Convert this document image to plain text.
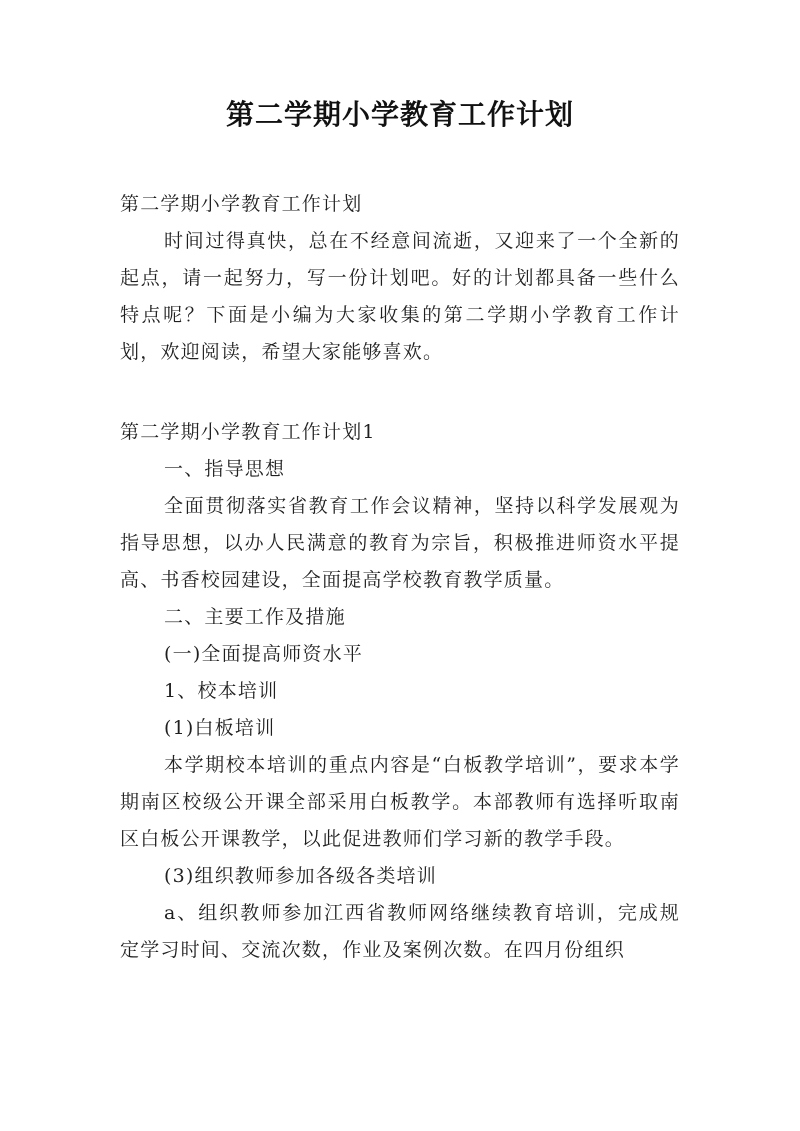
第二学期小学教育工作计划

第二学期小学教育工作计划

时间过得真快，总在不经意间流逝，又迎来了一个全新的起点，请一起努力，写一份计划吧。好的计划都具备一些什么特点呢？下面是小编为大家收集的第二学期小学教育工作计划，欢迎阅读，希望大家能够喜欢。

第二学期小学教育工作计划1

一、指导思想

全面贯彻落实省教育工作会议精神，坚持以科学发展观为指导思想，以办人民满意的教育为宗旨，积极推进师资水平提高、书香校园建设，全面提高学校教育教学质量。

二、主要工作及措施

(一)全面提高师资水平

1、校本培训

(1)白板培训

本学期校本培训的重点内容是“白板教学培训”，要求本学期南区校级公开课全部采用白板教学。本部教师有选择听取南区白板公开课教学，以此促进教师们学习新的教学手段。

(3)组织教师参加各级各类培训

a、组织教师参加江西省教师网络继续教育培训，完成规定学习时间、交流次数，作业及案例次数。在四月份组织
